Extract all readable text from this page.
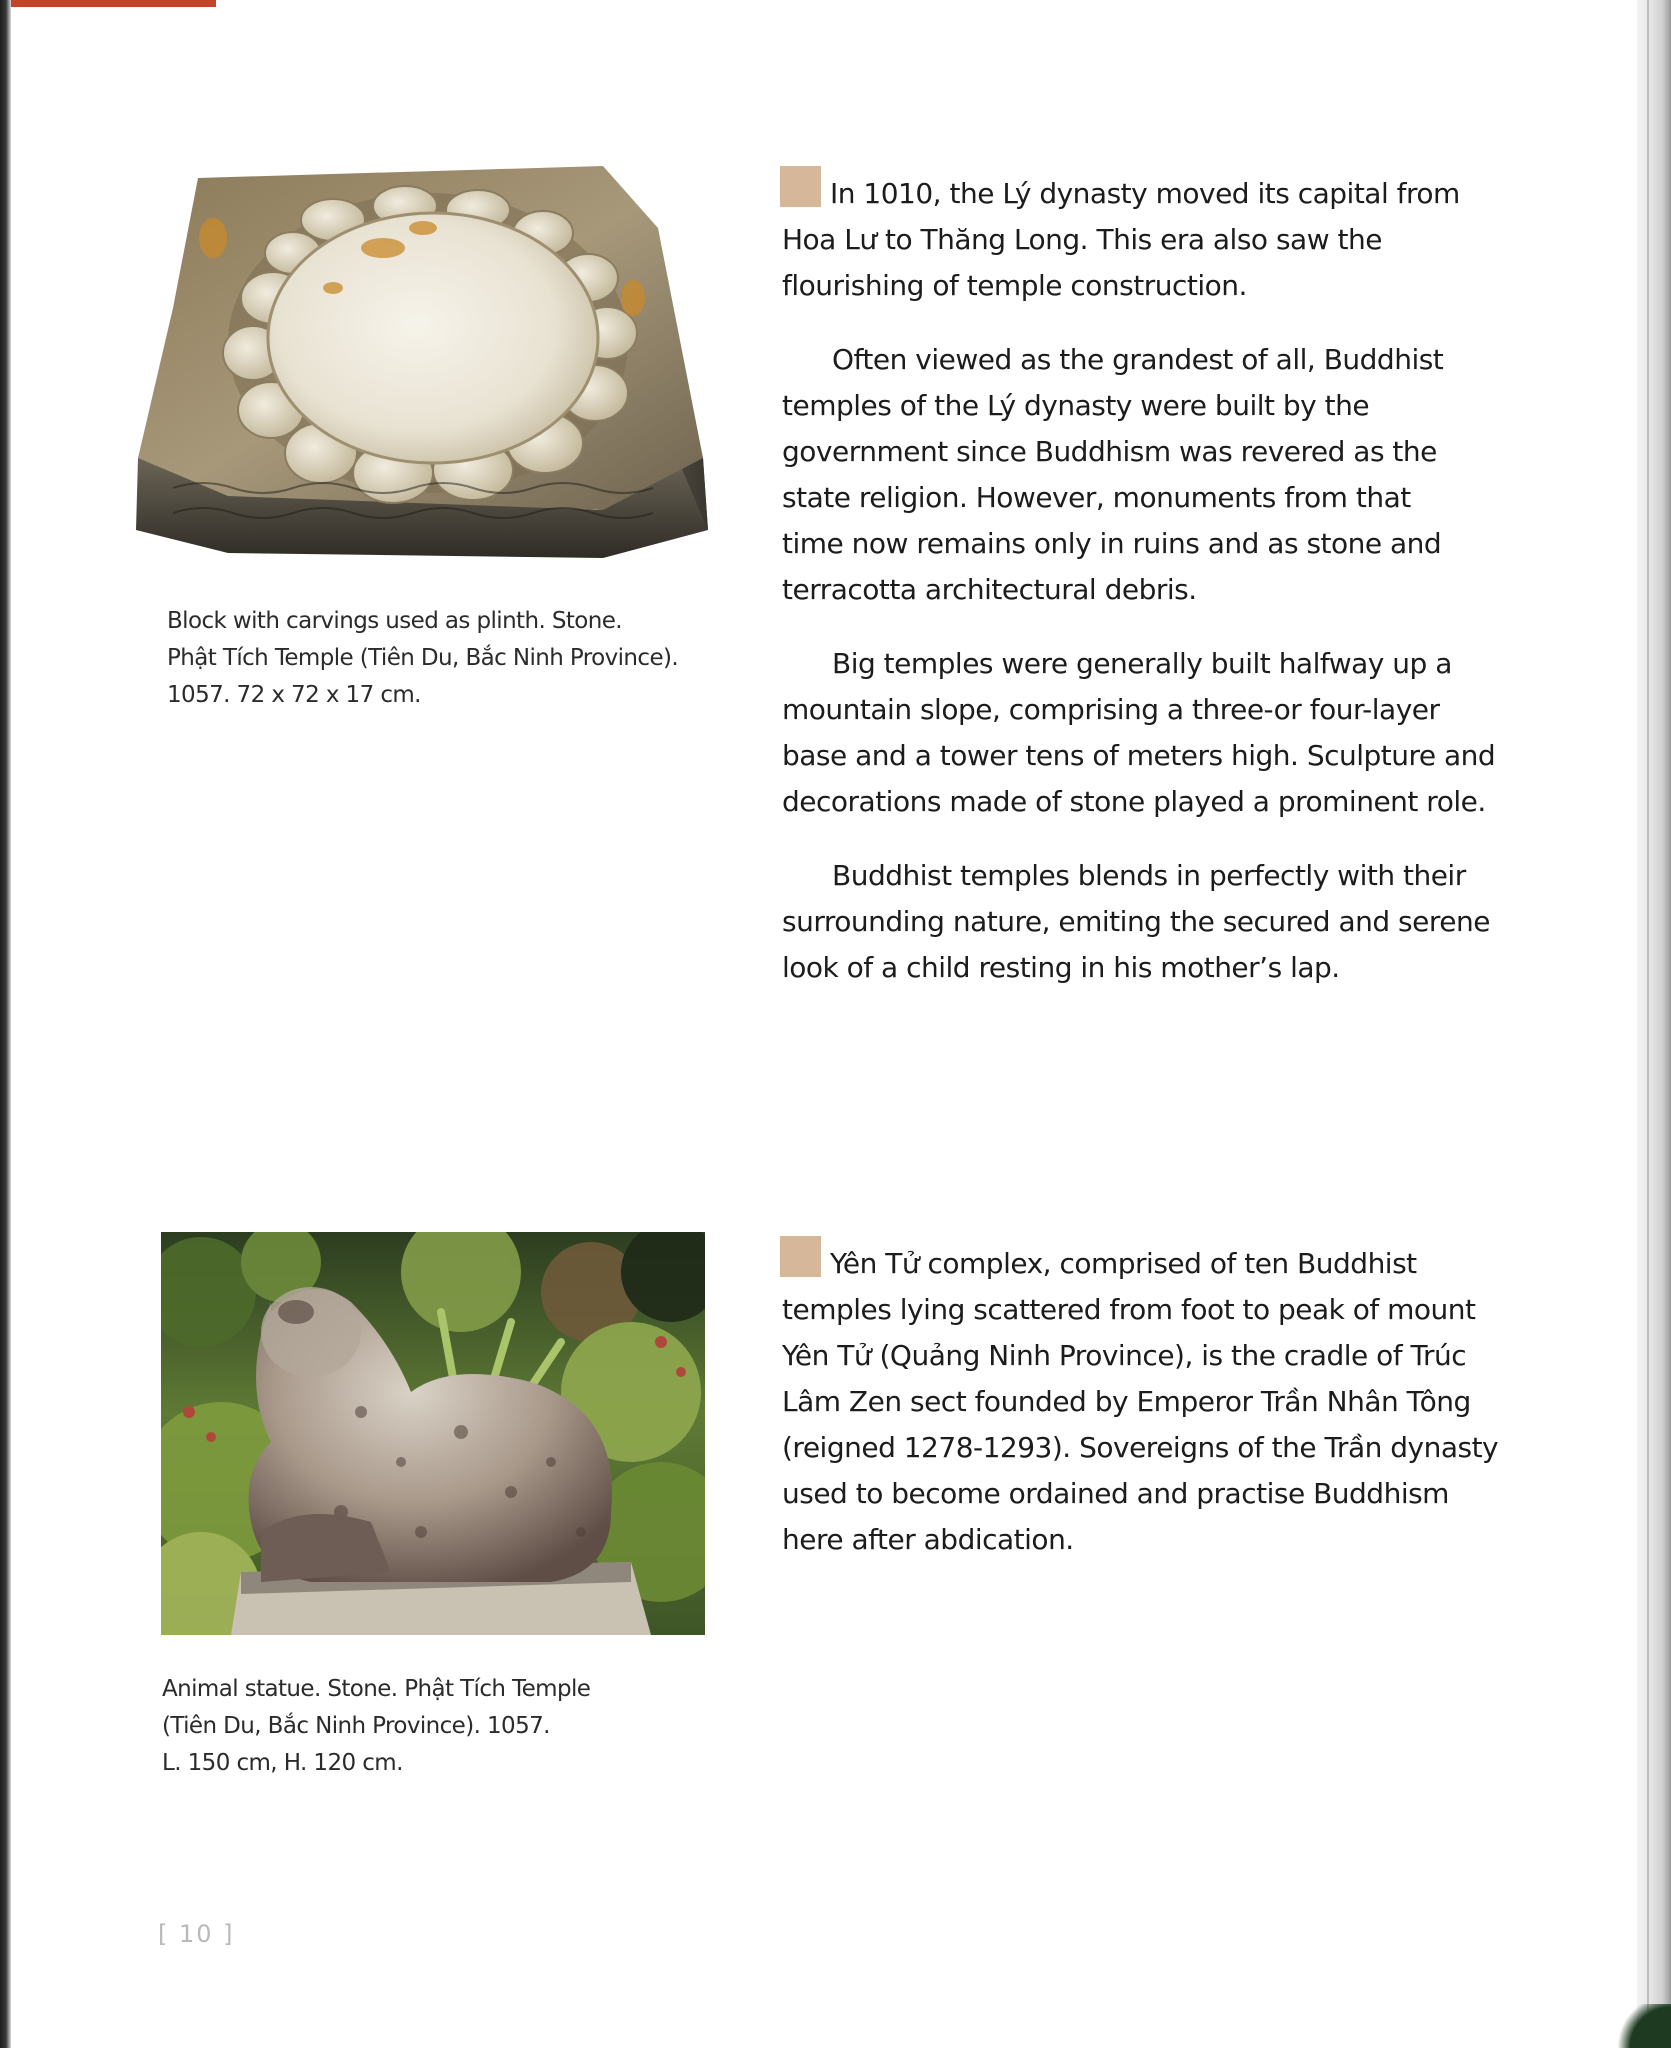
Block with carvings used as plinth. Stone.
Phật Tích Temple (Tiên Du, Bắc Ninh Province).
1057. 72 x 72 x 17 cm.

In 1010, the Lý dynasty moved its capital from
Hoa Lư to Thăng Long. This era also saw the
flourishing of temple construction.

Often viewed as the grandest of all, Buddhist
temples of the Lý dynasty were built by the
government since Buddhism was revered as the
state religion. However, monuments from that
time now remains only in ruins and as stone and
terracotta architectural debris.

Big temples were generally built halfway up a
mountain slope, comprising a three-or four-layer
base and a tower tens of meters high. Sculpture and
decorations made of stone played a prominent role.

Buddhist temples blends in perfectly with their
surrounding nature, emiting the secured and serene
look of a child resting in his mother’s lap.

Animal statue. Stone. Phật Tích Temple
(Tiên Du, Bắc Ninh Province). 1057.
L. 150 cm, H. 120 cm.

Yên Tử complex, comprised of ten Buddhist
temples lying scattered from foot to peak of mount
Yên Tử (Quảng Ninh Province), is the cradle of Trúc
Lâm Zen sect founded by Emperor Trần Nhân Tông
(reigned 1278-1293). Sovereigns of the Trần dynasty
used to become ordained and practise Buddhism
here after abdication.

[ 10 ]
